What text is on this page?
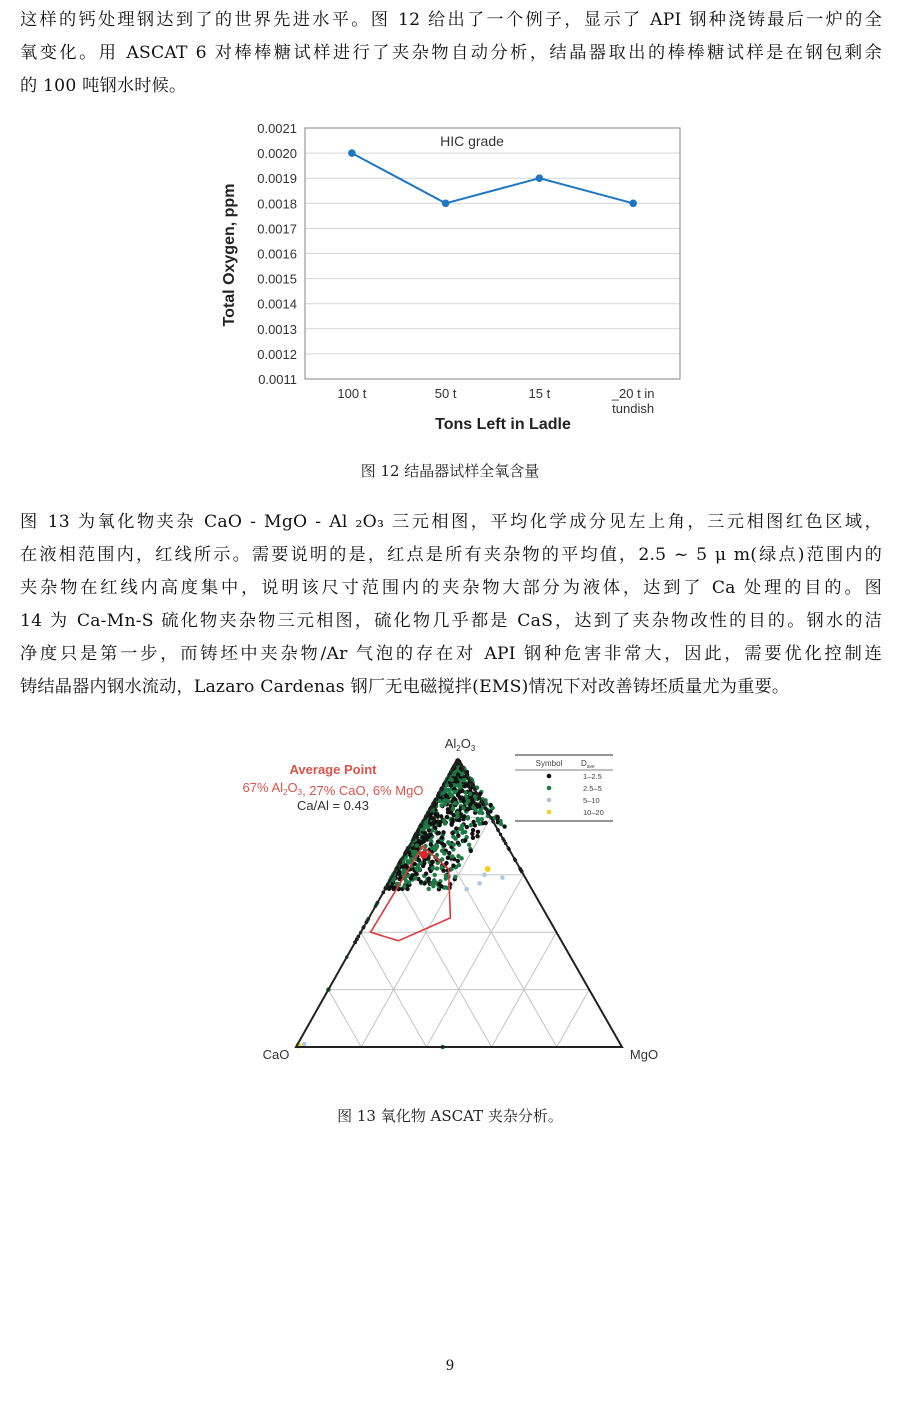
这样的钙处理钢达到了的世界先进水平。图 12 给出了一个例子，显示了 API 钢种浇铸最后一炉的全
氧变化。用 ASCAT 6 对棒棒糖试样进行了夹杂物自动分析，结晶器取出的棒棒糖试样是在钢包剩余
的 100 吨钢水时候。
0.0011
0.0012
0.0013
0.0014
0.0015
0.0016
0.0017
0.0018
0.0019
0.0020
0.0021
100 t	50 t	15 t	_20 t in tundish
HIC grade
Tons Left in Ladle
Total Oxygen, ppm
图 12 结晶器试样全氧含量
图 13 为氧化物夹杂 CaO - MgO - Al ₂O₃ 三元相图，平均化学成分见左上角，三元相图红色区域，
在液相范围内，红线所示。需要说明的是，红点是所有夹杂物的平均值，2.5 ~ 5 μ m(绿点)范围内的
夹杂物在红线内高度集中，说明该尺寸范围内的夹杂物大部分为液体，达到了 Ca 处理的目的。图
14 为 Ca-Mn-S 硫化物夹杂物三元相图，硫化物几乎都是 CaS，达到了夹杂物改性的目的。钢水的洁
净度只是第一步，而铸坯中夹杂物/Ar 气泡的存在对 API 钢种危害非常大，因此，需要优化控制连
铸结晶器内钢水流动，Lazaro Cardenas 钢厂无电磁搅拌(EMS)情况下对改善铸坯质量尤为重要。
$Al_2O_3$
CaO	MgO
Average Point
67% $Al_2O_3$, 27% CaO, 6% MgO
Ca/Al = 0.43
Symbol $D_{ave}$
1–2.5
2.5–5
5–10
10–20
图 13 氧化物 ASCAT 夹杂分析。
9
